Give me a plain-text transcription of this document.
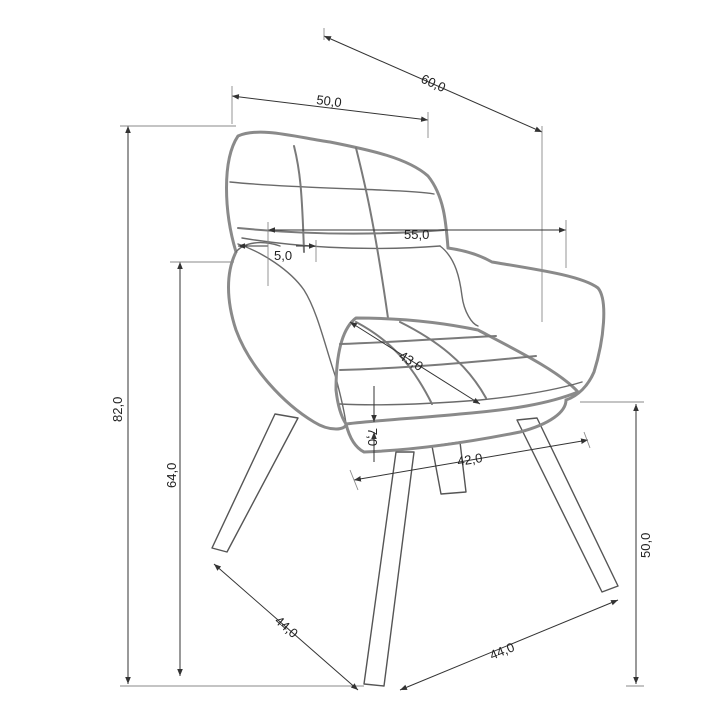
60,0
50,0
55,0
5,0
43,0
7,0
42,0
82,0
64,0
50,0
44,0
44,0
